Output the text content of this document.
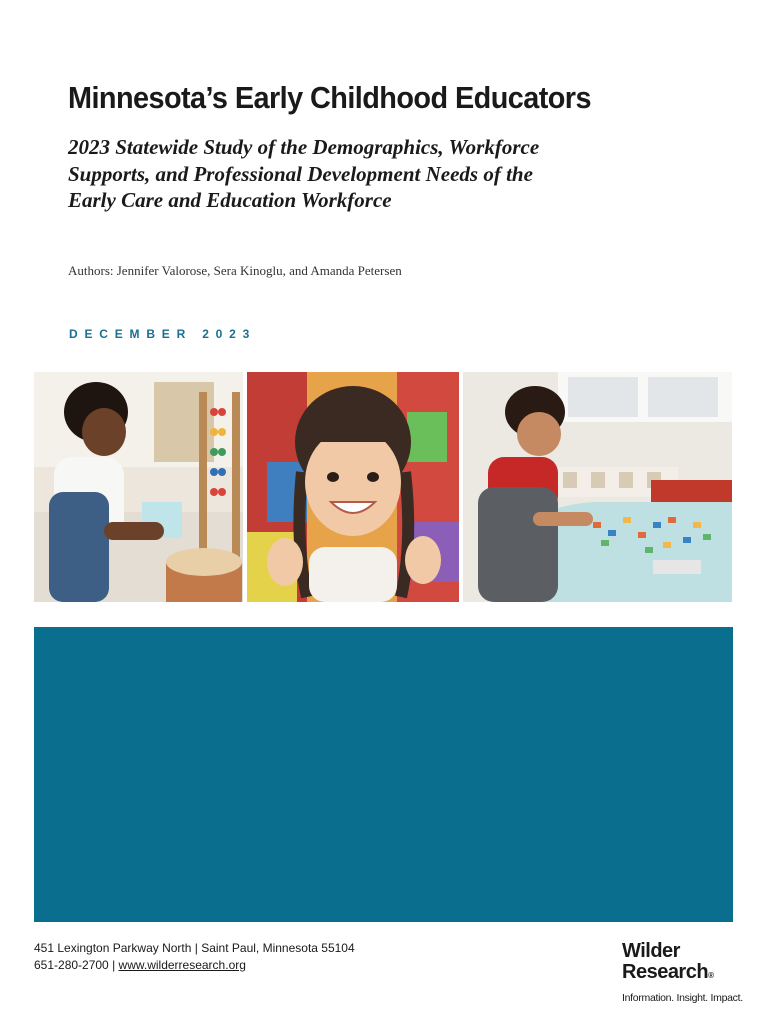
Minnesota’s Early Childhood Educators
2023 Statewide Study of the Demographics, Workforce
Supports, and Professional Development Needs of the
Early Care and Education Workforce
Authors: Jennifer Valorose, Sera Kinoglu, and Amanda Petersen
DECEMBER 2023
451 Lexington Parkway North | Saint Paul, Minnesota 55104
651-280-2700 | www.wilderresearch.org
Wilder
Research®
Information. Insight. Impact.
